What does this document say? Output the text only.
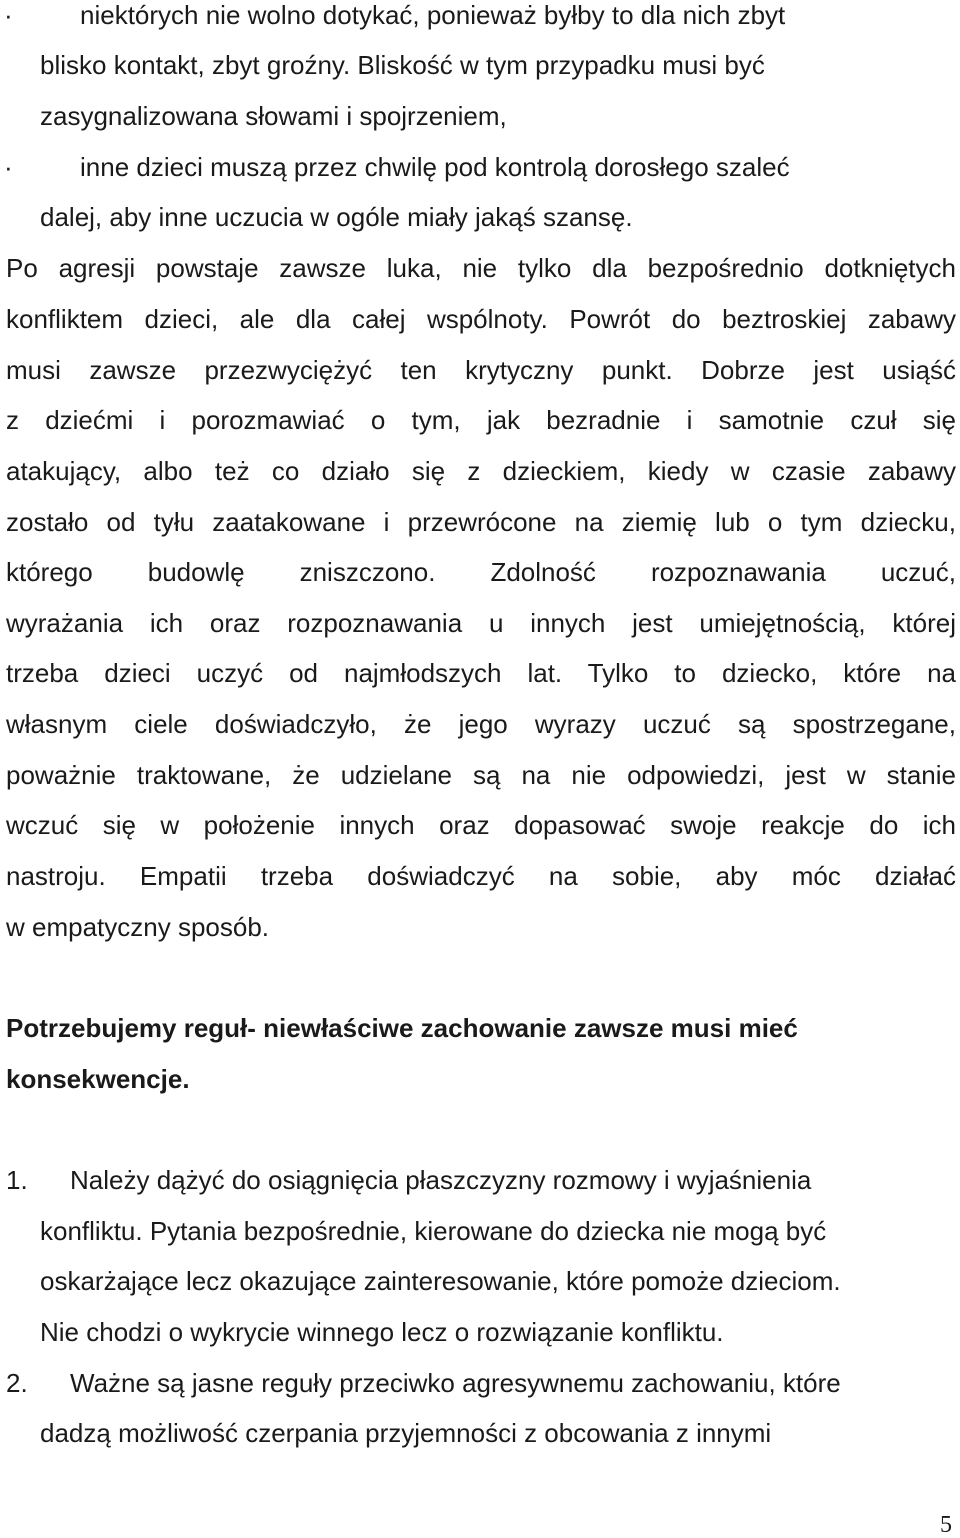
·	niektórych nie wolno dotykać, ponieważ byłby to dla nich zbyt
blisko kontakt, zbyt groźny. Bliskość w tym przypadku musi być
zasygnalizowana słowami i spojrzeniem,
·	inne dzieci muszą przez chwilę pod kontrolą dorosłego szaleć
dalej, aby inne uczucia w ogóle miały jakąś szansę.
Po agresji powstaje zawsze luka, nie tylko dla bezpośrednio dotkniętych
konfliktem dzieci, ale dla całej wspólnoty. Powrót do beztroskiej zabawy
musi zawsze przezwyciężyć ten krytyczny punkt. Dobrze jest usiąść
z dziećmi i porozmawiać o tym, jak bezradnie i samotnie czuł się
atakujący, albo też co działo się z dzieckiem, kiedy w czasie zabawy
zostało od tyłu zaatakowane i przewrócone na ziemię lub o tym dziecku,
którego budowlę zniszczono. Zdolność rozpoznawania uczuć,
wyrażania ich oraz rozpoznawania u innych jest umiejętnością, której
trzeba dzieci uczyć od najmłodszych lat. Tylko to dziecko, które na
własnym ciele doświadczyło, że jego wyrazy uczuć są spostrzegane,
poważnie traktowane, że udzielane są na nie odpowiedzi, jest w stanie
wczuć się w położenie innych oraz dopasować swoje reakcje do ich
nastroju. Empatii trzeba doświadczyć na sobie, aby móc działać
w empatyczny sposób.
Potrzebujemy reguł- niewłaściwe zachowanie zawsze musi mieć
konsekwencje.
1. Należy dążyć do osiągnięcia płaszczyzny rozmowy i wyjaśnienia
konfliktu. Pytania bezpośrednie, kierowane do dziecka nie mogą być
oskarżające lecz okazujące zainteresowanie, które pomoże dzieciom.
Nie chodzi o wykrycie winnego lecz o rozwiązanie konfliktu.
2. Ważne są jasne reguły przeciwko agresywnemu zachowaniu, które
dadzą możliwość czerpania przyjemności z obcowania z innymi
5
